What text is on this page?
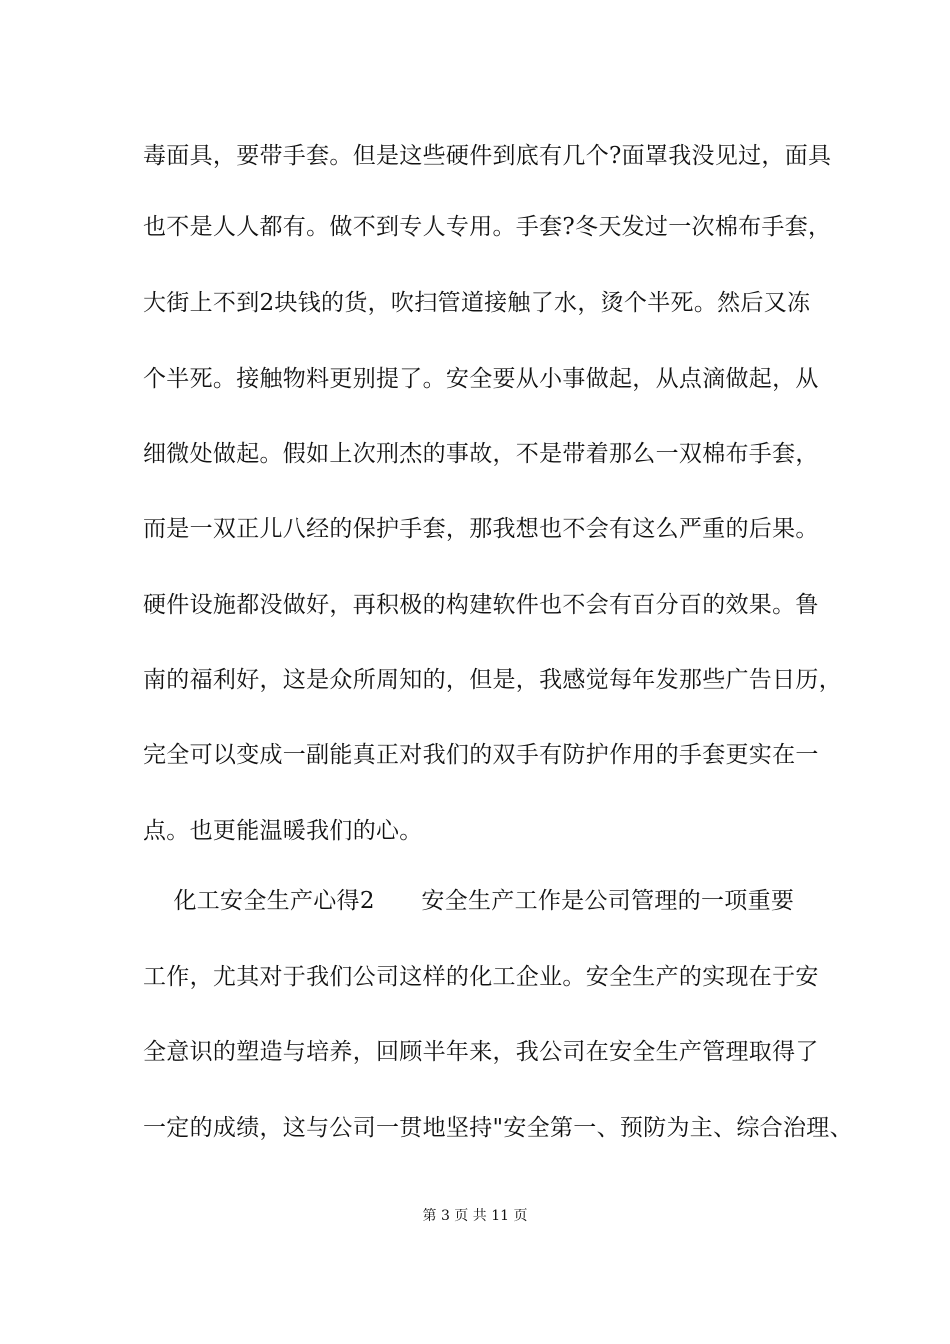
毒面具，要带手套。但是这些硬件到底有几个?面罩我没见过，面具
也不是人人都有。做不到专人专用。手套?冬天发过一次棉布手套，
大街上不到2块钱的货，吹扫管道接触了水，烫个半死。然后又冻
个半死。接触物料更别提了。安全要从小事做起，从点滴做起，从
细微处做起。假如上次刑杰的事故，不是带着那么一双棉布手套，
而是一双正儿八经的保护手套，那我想也不会有这么严重的后果。
硬件设施都没做好，再积极的构建软件也不会有百分百的效果。鲁
南的福利好，这是众所周知的，但是，我感觉每年发那些广告日历，
完全可以变成一副能真正对我们的双手有防护作用的手套更实在一
点。也更能温暖我们的心。
化工安全生产心得2　　安全生产工作是公司管理的一项重要
工作，尤其对于我们公司这样的化工企业。安全生产的实现在于安
全意识的塑造与培养，回顾半年来，我公司在安全生产管理取得了
一定的成绩，这与公司一贯地坚持"安全第一、预防为主、综合治理、
第 3 页 共 11 页
